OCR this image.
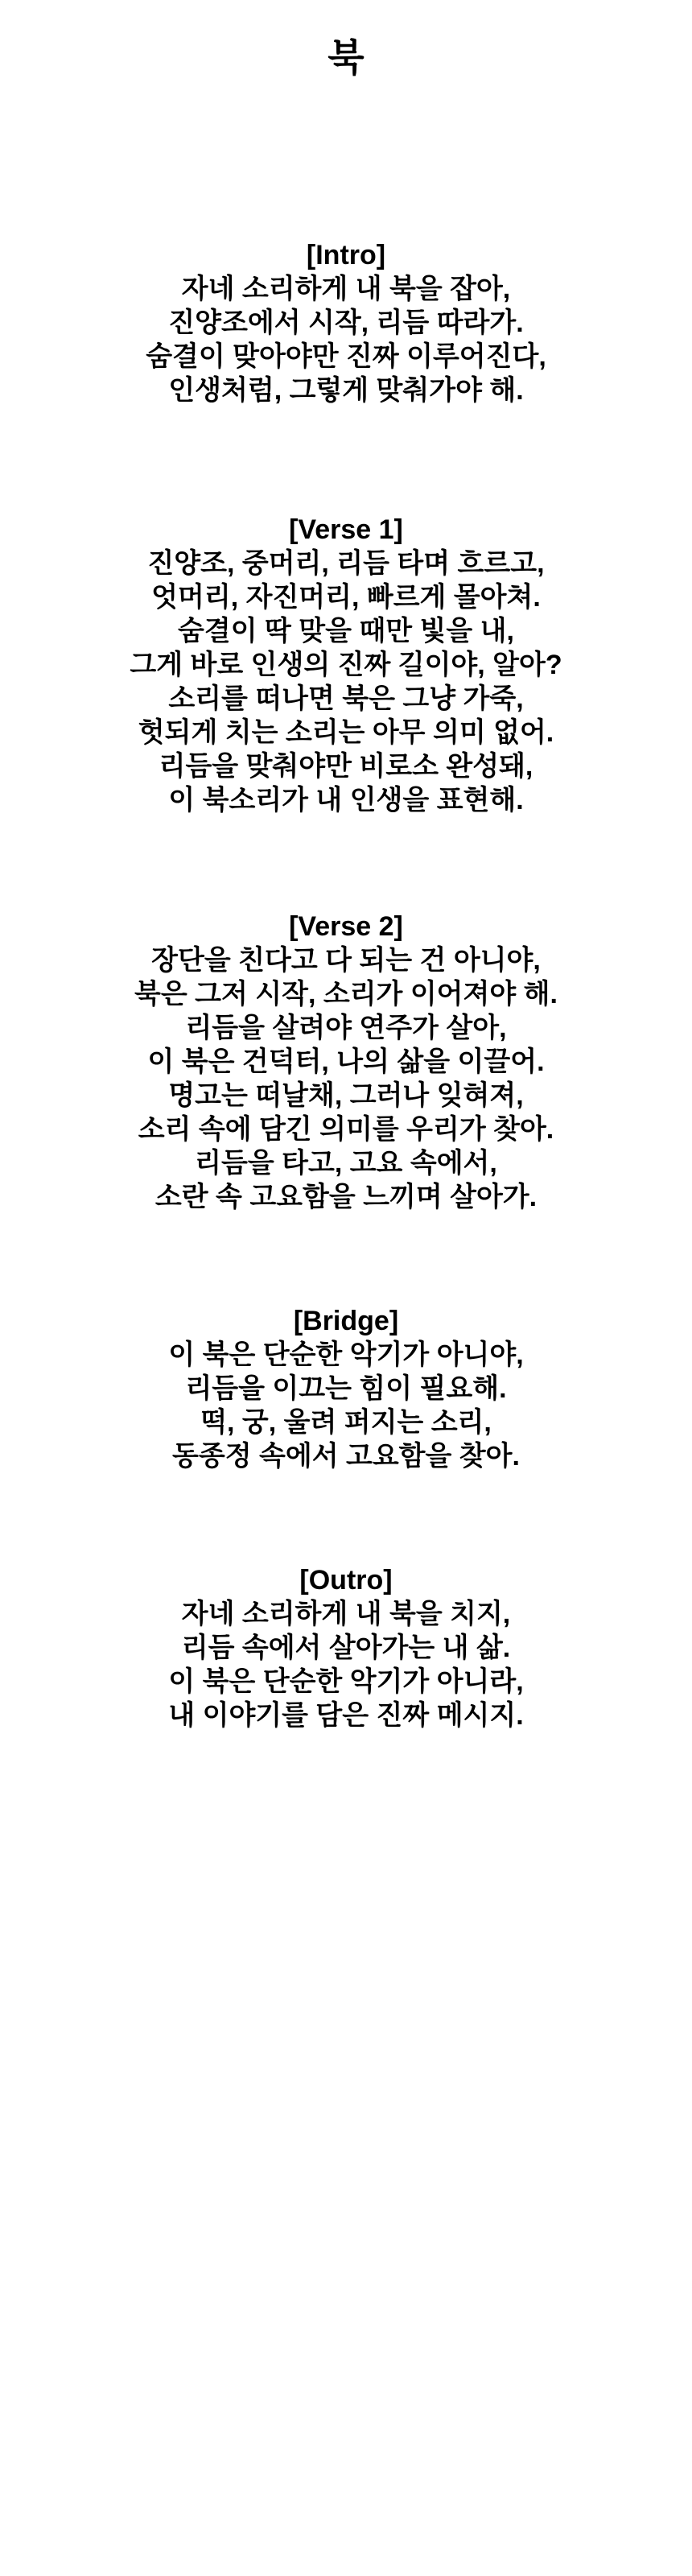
북

[Intro]

자네 소리하게 내 북을 잡아,

진양조에서 시작, 리듬 따라가.

숨결이 맞아야만 진짜 이루어진다,

인생처럼, 그렇게 맞춰가야 해.

[Verse 1]

진양조, 중머리, 리듬 타며 흐르고,

엇머리, 자진머리, 빠르게 몰아쳐.

숨결이 딱 맞을 때만 빛을 내,

그게 바로 인생의 진짜 길이야, 알아?

소리를 떠나면 북은 그냥 가죽,

헛되게 치는 소리는 아무 의미 없어.

리듬을 맞춰야만 비로소 완성돼,

이 북소리가 내 인생을 표현해.

[Verse 2]

장단을 친다고 다 되는 건 아니야,

북은 그저 시작, 소리가 이어져야 해.

리듬을 살려야 연주가 살아,

이 북은 건덕터, 나의 삶을 이끌어.

명고는 떠날채, 그러나 잊혀져,

소리 속에 담긴 의미를 우리가 찾아.

리듬을 타고, 고요 속에서,

소란 속 고요함을 느끼며 살아가.

[Bridge]

이 북은 단순한 악기가 아니야,

리듬을 이끄는 힘이 필요해.

떡, 궁, 울려 퍼지는 소리,

동종정 속에서 고요함을 찾아.

[Outro]

자네 소리하게 내 북을 치지,

리듬 속에서 살아가는 내 삶.

이 북은 단순한 악기가 아니라,

내 이야기를 담은 진짜 메시지.
